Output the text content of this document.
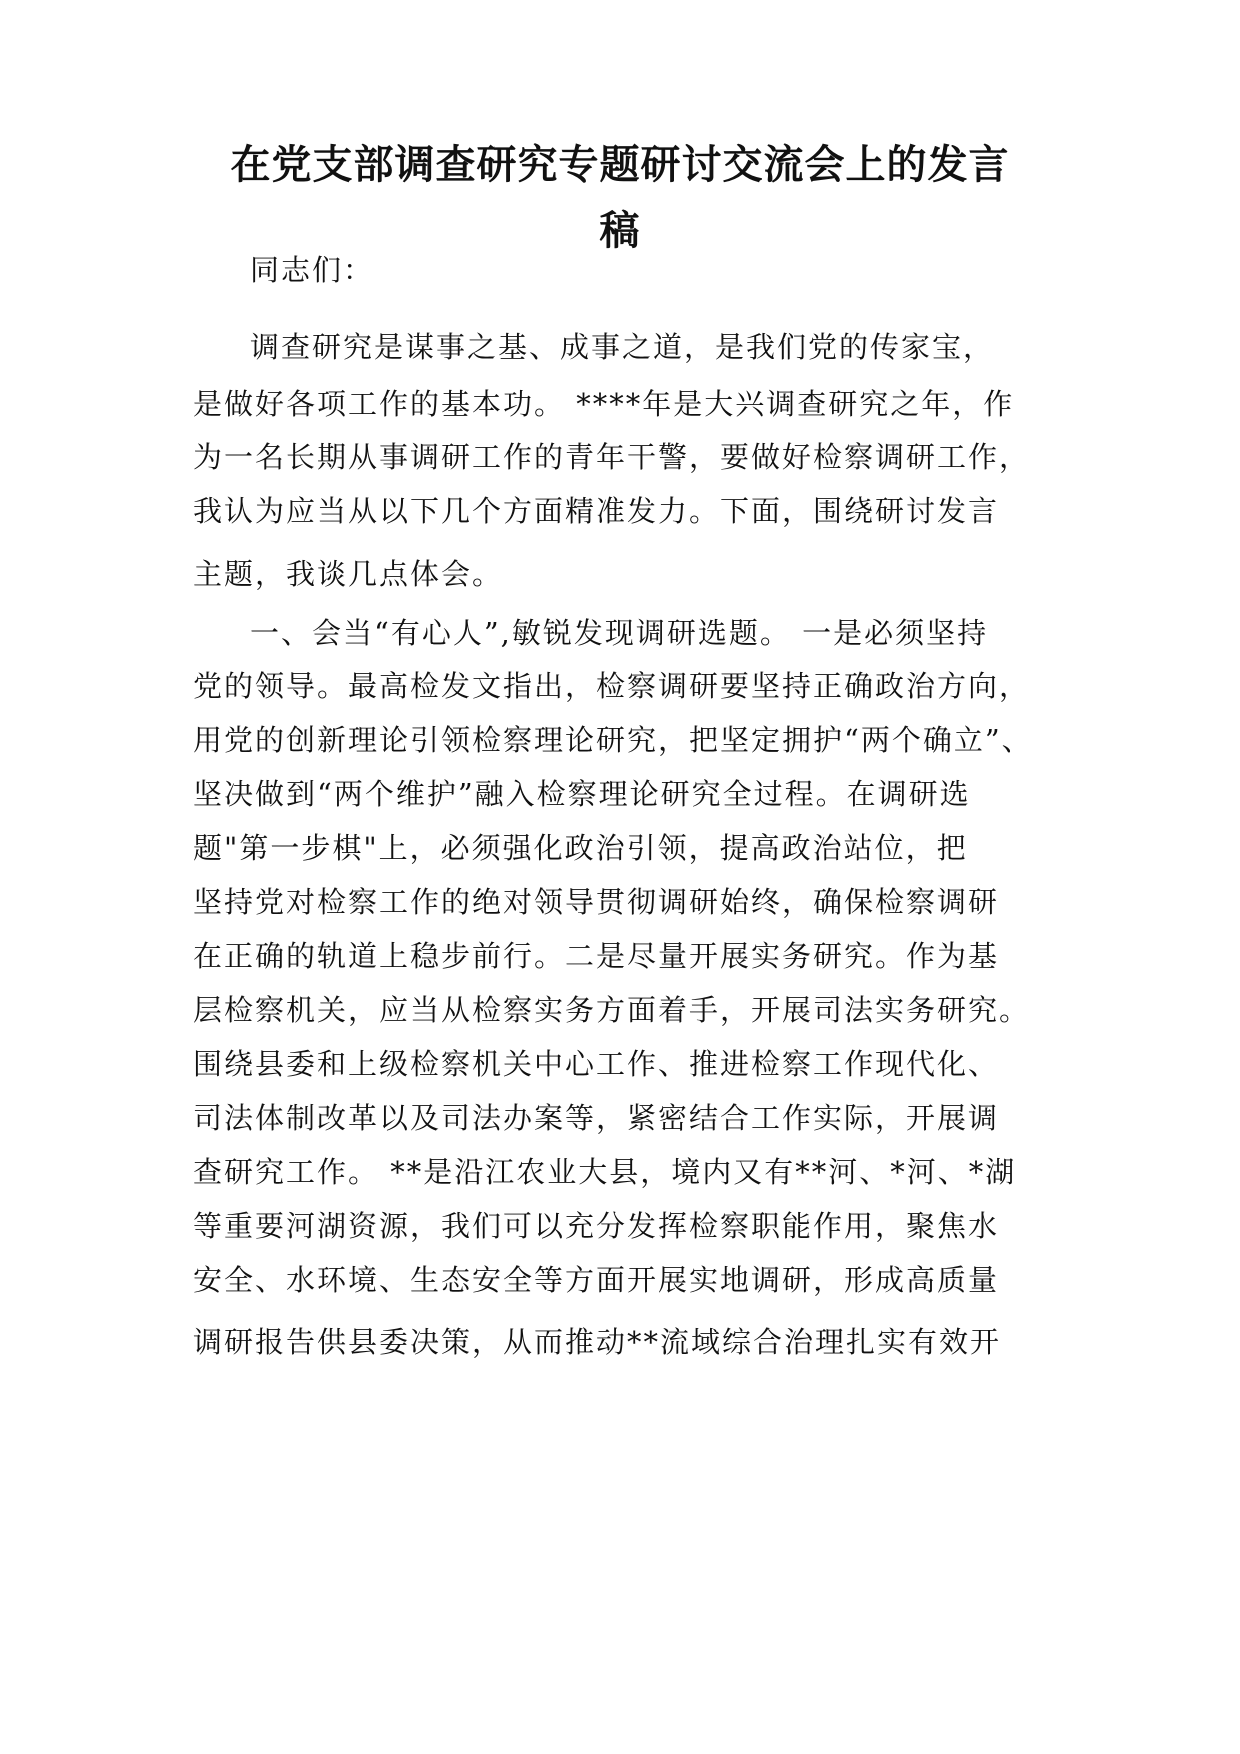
在党支部调查研究专题研讨交流会上的发言
稿
同志们：
调查研究是谋事之基、成事之道，是我们党的传家宝，
是做好各项工作的基本功。 ****年是大兴调查研究之年，作
为一名长期从事调研工作的青年干警，要做好检察调研工作，
我认为应当从以下几个方面精准发力。下面，围绕研讨发言
主题，我谈几点体会。
一、会当“有心人”,敏锐发现调研选题。 一是必须坚持
党的领导。最高检发文指出，检察调研要坚持正确政治方向，
用党的创新理论引领检察理论研究，把坚定拥护“两个确立”、
坚决做到“两个维护”融入检察理论研究全过程。在调研选
题"第一步棋"上，必须强化政治引领，提高政治站位，把
坚持党对检察工作的绝对领导贯彻调研始终，确保检察调研
在正确的轨道上稳步前行。二是尽量开展实务研究。作为基
层检察机关，应当从检察实务方面着手，开展司法实务研究。
围绕县委和上级检察机关中心工作、推进检察工作现代化、
司法体制改革以及司法办案等，紧密结合工作实际，开展调
查研究工作。 **是沿江农业大县，境内又有**河、*河、*湖
等重要河湖资源，我们可以充分发挥检察职能作用，聚焦水
安全、水环境、生态安全等方面开展实地调研，形成高质量
调研报告供县委决策，从而推动**流域综合治理扎实有效开
